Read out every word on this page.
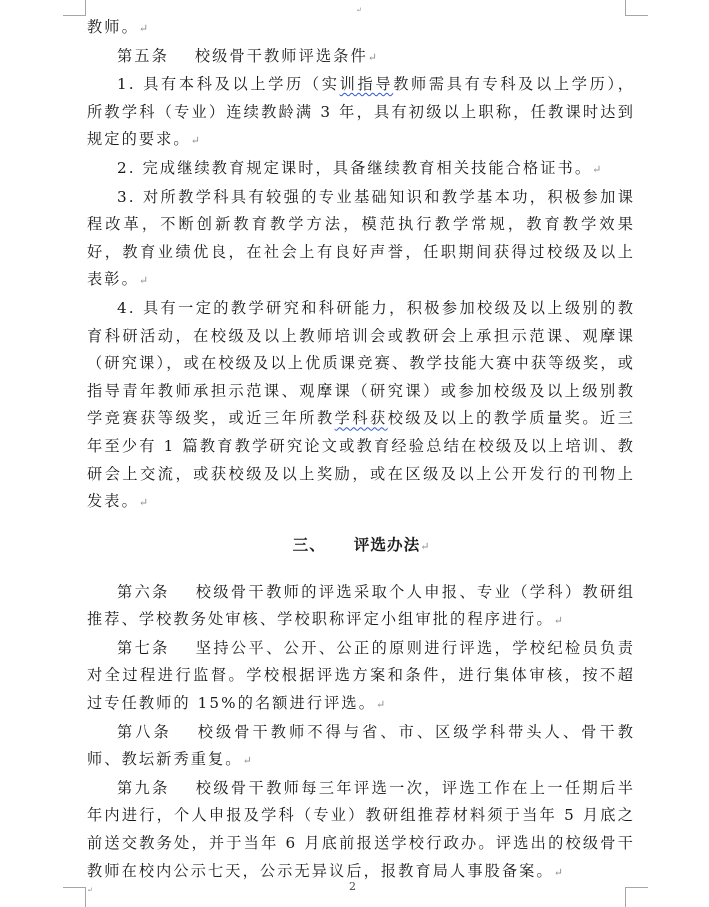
↵
↵	2

教师。↵

第五条 校级骨干教师评选条件↵

1. 具有本科及以上学历（实训指导教师需具有专科及以上学历），所教学科（专业）连续教龄满 3 年，具有初级以上职称，任教课时达到规定的要求。↵

2. 完成继续教育规定课时，具备继续教育相关技能合格证书。↵

3. 对所教学科具有较强的专业基础知识和教学基本功，积极参加课程改革，不断创新教育教学方法，模范执行教学常规，教育教学效果好，教育业绩优良，在社会上有良好声誉，任职期间获得过校级及以上表彰。↵

4. 具有一定的教学研究和科研能力，积极参加校级及以上级别的教育科研活动，在校级及以上教师培训会或教研会上承担示范课、观摩课（研究课），或在校级及以上优质课竞赛、教学技能大赛中获等级奖，或指导青年教师承担示范课、观摩课（研究课）或参加校级及以上级别教学竞赛获等级奖，或近三年所教学科获校级及以上的教学质量奖。近三年至少有 1 篇教育教学研究论文或教育经验总结在校级及以上培训、教研会上交流，或获校级及以上奖励，或在区级及以上公开发行的刊物上发表。↵

三、 评选办法↵

第六条 校级骨干教师的评选采取个人申报、专业（学科）教研组推荐、学校教务处审核、学校职称评定小组审批的程序进行。↵

第七条 坚持公平、公开、公正的原则进行评选，学校纪检员负责对全过程进行监督。学校根据评选方案和条件，进行集体审核，按不超过专任教师的 15%的名额进行评选。↵

第八条 校级骨干教师不得与省、市、区级学科带头人、骨干教师、教坛新秀重复。↵

第九条 校级骨干教师每三年评选一次，评选工作在上一任期后半年内进行，个人申报及学科（专业）教研组推荐材料须于当年 5 月底之前送交教务处，并于当年 6 月底前报送学校行政办。评选出的校级骨干教师在校内公示七天，公示无异议后，报教育局人事股备案。↵
